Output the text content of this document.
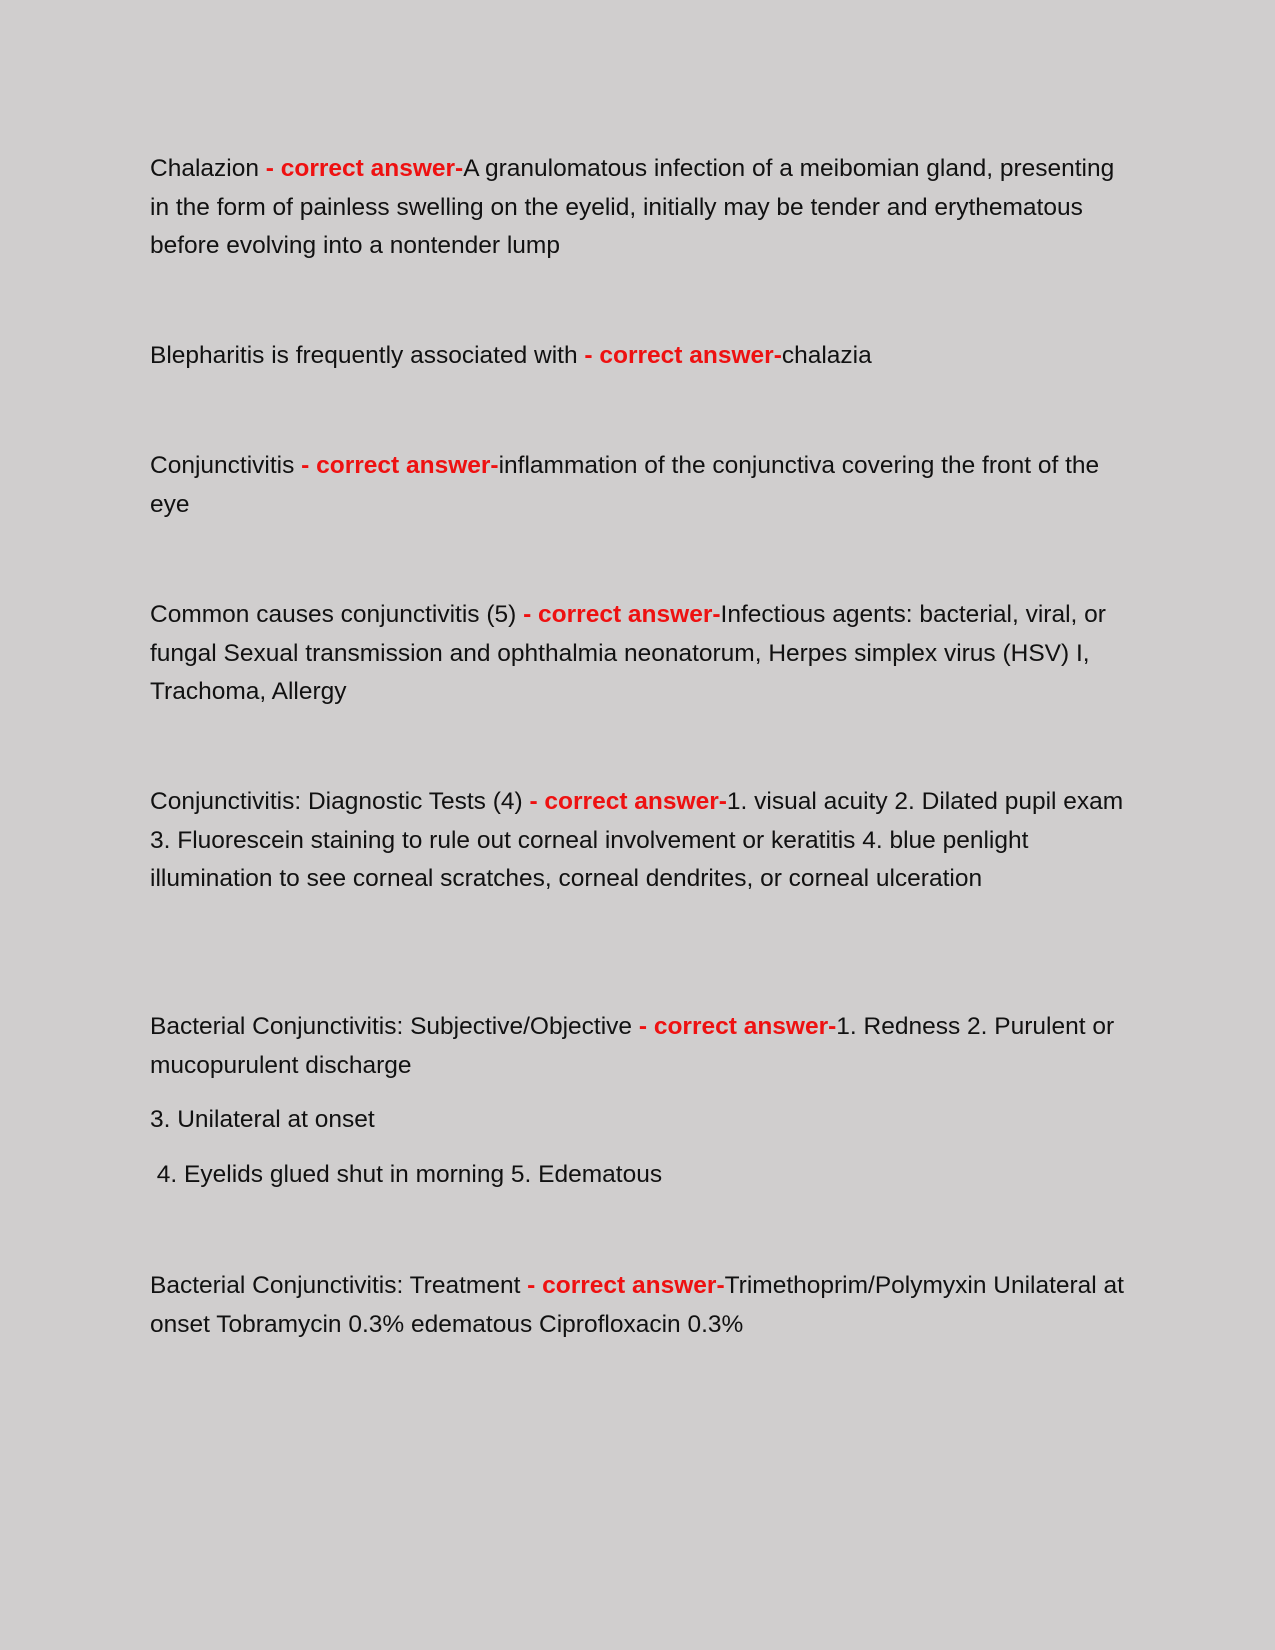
Chalazion - correct answer-A granulomatous infection of a meibomian gland, presenting in the form of painless swelling on the eyelid, initially may be tender and erythematous before evolving into a nontender lump

Blepharitis is frequently associated with - correct answer-chalazia

Conjunctivitis - correct answer-inflammation of the conjunctiva covering the front of the eye

Common causes conjunctivitis (5) - correct answer-Infectious agents: bacterial, viral, or fungal Sexual transmission and ophthalmia neonatorum, Herpes simplex virus (HSV) I, Trachoma, Allergy

Conjunctivitis: Diagnostic Tests (4) - correct answer-1. visual acuity 2. Dilated pupil exam 3. Fluorescein staining to rule out corneal involvement or keratitis 4. blue penlight illumination to see corneal scratches, corneal dendrites, or corneal ulceration

Bacterial Conjunctivitis: Subjective/Objective - correct answer-1. Redness 2. Purulent or mucopurulent discharge

3. Unilateral at onset

4. Eyelids glued shut in morning 5. Edematous

Bacterial Conjunctivitis: Treatment - correct answer-Trimethoprim/Polymyxin Unilateral at onset Tobramycin 0.3% edematous Ciprofloxacin 0.3%
